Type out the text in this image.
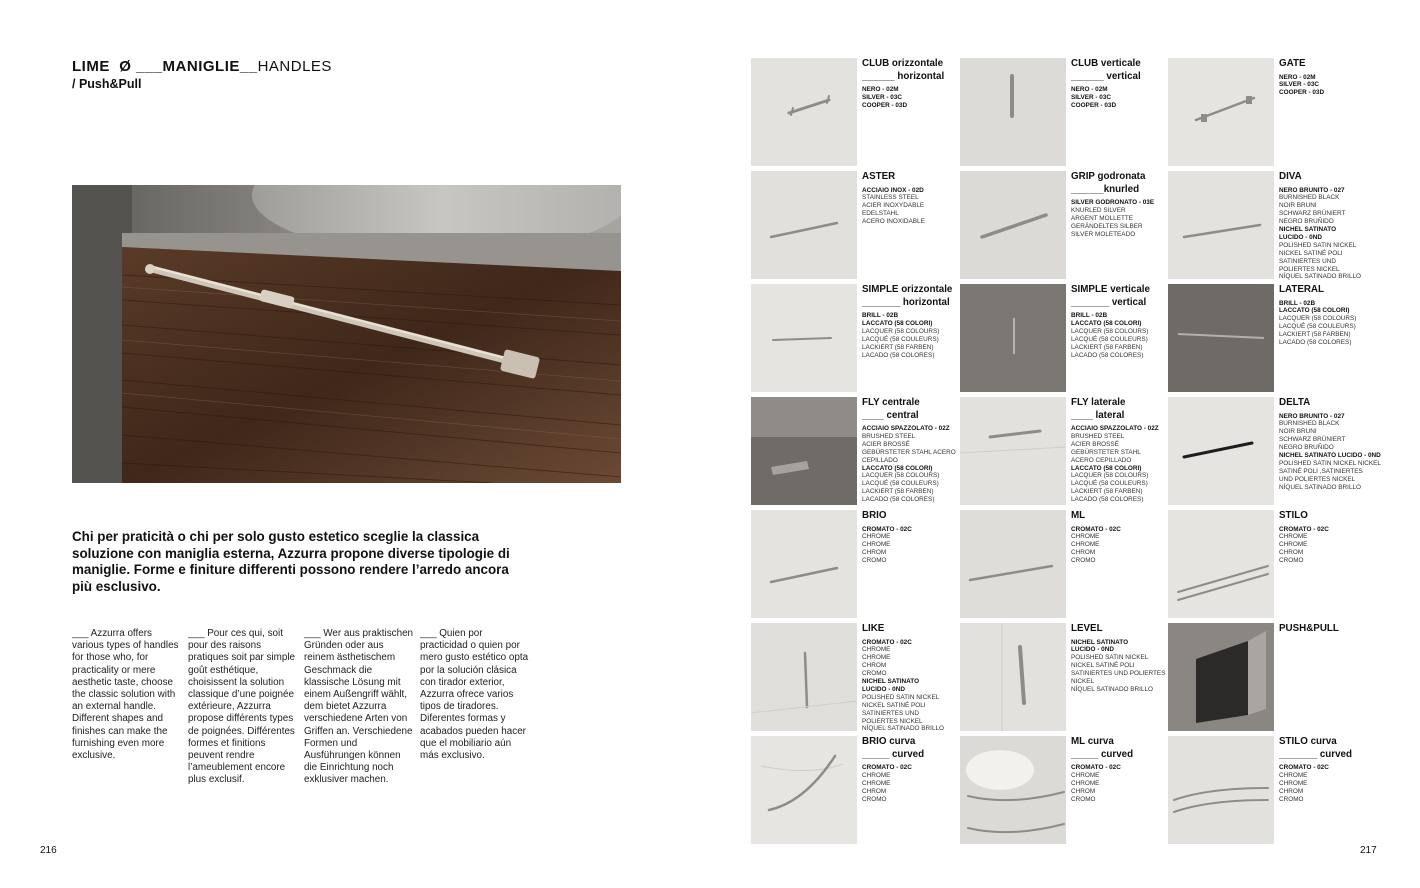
LIME Ø ___MANIGLIE__HANDLES
/ Push&Pull

Chi per praticità o chi per solo gusto estetico sceglie la classica soluzione con maniglia esterna, Azzurra propone diverse tipologie di maniglie. Forme e finiture differenti possono rendere l’arredo ancora più esclusivo.

___ Azzurra offers various types of handles for those who, for practicality or mere aesthetic taste, choose the classic solution with an external handle. Different shapes and finishes can make the furnishing even more exclusive.

___ Pour ces qui, soit pour des raisons pratiques soit par simple goût esthétique, choisissent la solution classique d’une poignée extérieure, Azzurra propose différents types de poignées. Différentes formes et finitions peuvent rendre l’ameublement encore plus exclusif.

___ Wer aus praktischen Gründen oder aus reinem ästhetischem Geschmack die klassische Lösung mit einem Außengriff wählt, dem bietet Azzurra verschiedene Arten von Griffen an. Verschiedene Formen und Ausführungen können die Einrichtung noch exklusiver machen.

___ Quien por practicidad o quien por mero gusto estético opta por la solución clásica con tirador exterior, Azzurra ofrece varios tipos de tiradores. Diferentes formas y acabados pueden hacer que el mobiliario aún más exclusivo.

216
CLUB orizzontale
______ horizontal
NERO - 02M
SILVER - 03C
COOPER - 03D
CLUB verticale
______ vertical
NERO - 02M
SILVER - 03C
COOPER - 03D
GATE
NERO - 02M
SILVER - 03C
COOPER - 03D
ASTER
ACCIAIO INOX - 02D
STAINLESS STEEL
ACIER INOXYDABLE
EDELSTAHL
ACERO INOXIDABLE
GRIP godronata
______knurled
SILVER GODRONATO - 03E
KNURLED SILVER
ARGENT MOLLETTE
GERÄNDELTES SILBER
SILVER MOLETEADO
DIVA
NERO BRUNITO - 027
BURNISHED BLACK
NOIR BRUNI
SCHWARZ BRÜNIERT
NEGRO BRUÑIDO
NICHEL SATINATO
LUCIDO - 0ND
POLISHED SATIN NICKEL
NICKEL SATINÉ POLI
SATINIERTES UND
POLIERTES NICKEL
NÍQUEL SATINADO BRILLO
SIMPLE orizzontale
_______ horizontal
BRILL - 02B
LACCATO (58 COLORI)
LACQUER (58 COLOURS)
LACQUÉ (58 COULEURS)
LACKIERT (58 FARBEN)
LACADO (58 COLORES)
SIMPLE verticale
_______ vertical
BRILL - 02B
LACCATO (58 COLORI)
LACQUER (58 COLOURS)
LACQUÉ (58 COULEURS)
LACKIERT (58 FARBEN)
LACADO (58 COLORES)
LATERAL
BRILL - 02B
LACCATO (58 COLORI)
LACQUER (58 COLOURS)
LACQUÉ (58 COULEURS)
LACKIERT (58 FARBEN)
LACADO (58 COLORES)
FLY centrale
____ central
ACCIAIO SPAZZOLATO - 02Z
BRUSHED STEEL
ACIER BROSSÉ
GEBÜRSTETER STAHL ACERO
CEPILLADO
LACCATO (58 COLORI)
LACQUER (58 COLOURS)
LACQUÉ (58 COULEURS)
LACKIERT (58 FARBEN)
LACADO (58 COLORES)
FLY laterale
____ lateral
ACCIAIO SPAZZOLATO - 02Z
BRUSHED STEEL
ACIER BROSSÉ
GEBÜRSTETER STAHL
ACERO CEPILLADO
LACCATO (58 COLORI)
LACQUER (58 COLOURS)
LACQUÉ (58 COULEURS)
LACKIERT (58 FARBEN)
LACADO (58 COLORES)
DELTA
NERO BRUNITO - 027
BURNISHED BLACK
NOIR BRUNI
SCHWARZ BRÜNIERT
NEGRO BRUÑIDO
NICHEL SATINATO LUCIDO - 0ND
POLISHED SATIN NICKEL NICKEL
SATINÉ POLI ,SATINIERTES
UND POLIERTES NICKEL
NÍQUEL SATINADO BRILLO
BRIO
CROMATO - 02C
CHROME
CHROME
CHROM
CROMO
ML
CROMATO - 02C
CHROME
CHROME
CHROM
CROMO
STILO
CROMATO - 02C
CHROME
CHROME
CHROM
CROMO
LIKE
CROMATO - 02C
CHROME
CHROME
CHROM
CROMO
NICHEL SATINATO
LUCIDO - 0ND
POLISHED SATIN NICKEL
NICKEL SATINÉ POLI
SATINIERTES UND
POLIERTES NICKEL
NÍQUEL SATINADO BRILLO
LEVEL
NICHEL SATINATO
LUCIDO - 0ND
POLISHED SATIN NICKEL
NICKEL SATINÉ POLI
SATINIERTES UND POLIERTES
NICKEL
NÍQUEL SATINADO BRILLO
PUSH&PULL
BRIO curva
_____ curved
CROMATO - 02C
CHROME
CHROME
CHROM
CROMO
ML curva
_____ curved
CROMATO - 02C
CHROME
CHROME
CHROM
CROMO
STILO curva
_______ curved
CROMATO - 02C
CHROME
CHROME
CHROM
CROMO
217
